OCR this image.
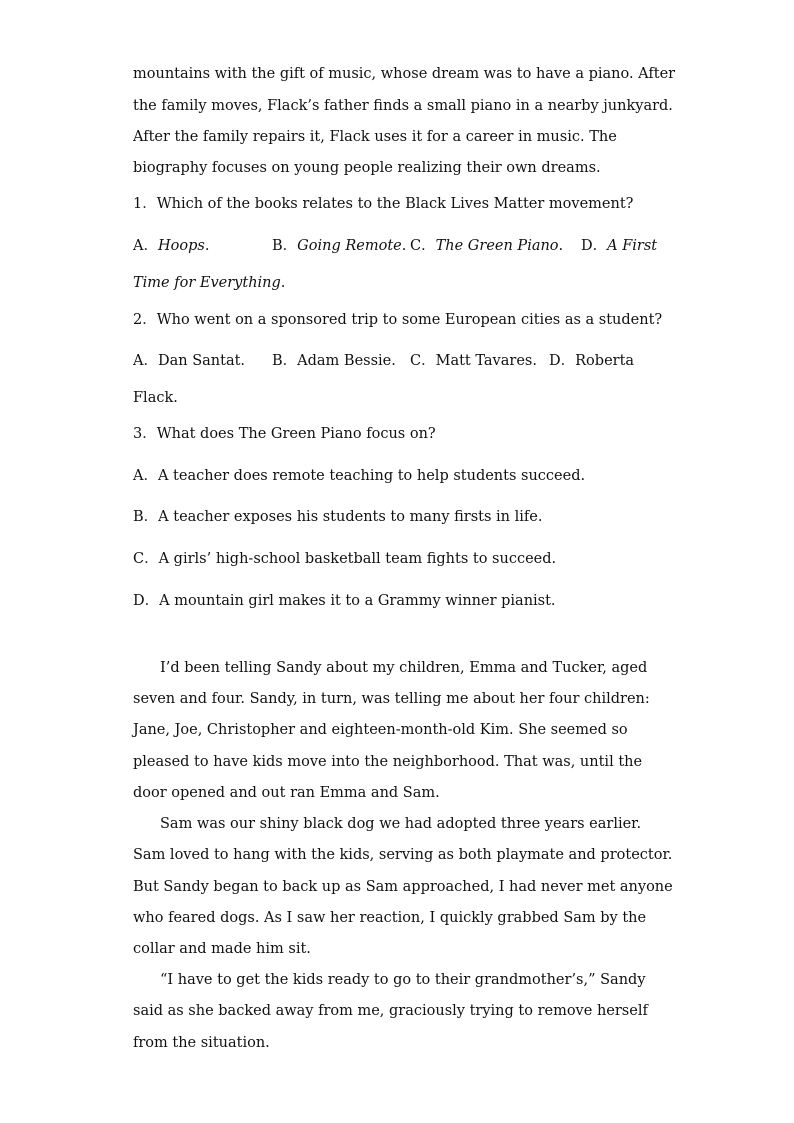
mountains with the gift of music, whose dream was to have a piano. After
the family moves, Flack’s father finds a small piano in a nearby junkyard.
After the family repairs it, Flack uses it for a career in music. The
biography focuses on young people realizing their own dreams.
1．Which of the books relates to the Black Lives Matter movement?
A．Hoops.	B．Going Remote. C．The Green Piano. D．A First
Time for Everything.
2．Who went on a sponsored trip to some European cities as a student?
A．Dan Santat. B．Adam Bessie. C．Matt Tavares. D．Roberta
Flack.
3．What does The Green Piano focus on?
A．A teacher does remote teaching to help students succeed.
B．A teacher exposes his students to many firsts in life.
C．A girls’ high-school basketball team fights to succeed.
D．A mountain girl makes it to a Grammy winner pianist.
I’d been telling Sandy about my children, Emma and Tucker, aged
seven and four. Sandy, in turn, was telling me about her four children:
Jane, Joe, Christopher and eighteen-month-old Kim. She seemed so
pleased to have kids move into the neighborhood. That was, until the
door opened and out ran Emma and Sam.
Sam was our shiny black dog we had adopted three years earlier.
Sam loved to hang with the kids, serving as both playmate and protector.
But Sandy began to back up as Sam approached, I had never met anyone
who feared dogs. As I saw her reaction, I quickly grabbed Sam by the
collar and made him sit.
“I have to get the kids ready to go to their grandmother’s,” Sandy
said as she backed away from me, graciously trying to remove herself
from the situation.
